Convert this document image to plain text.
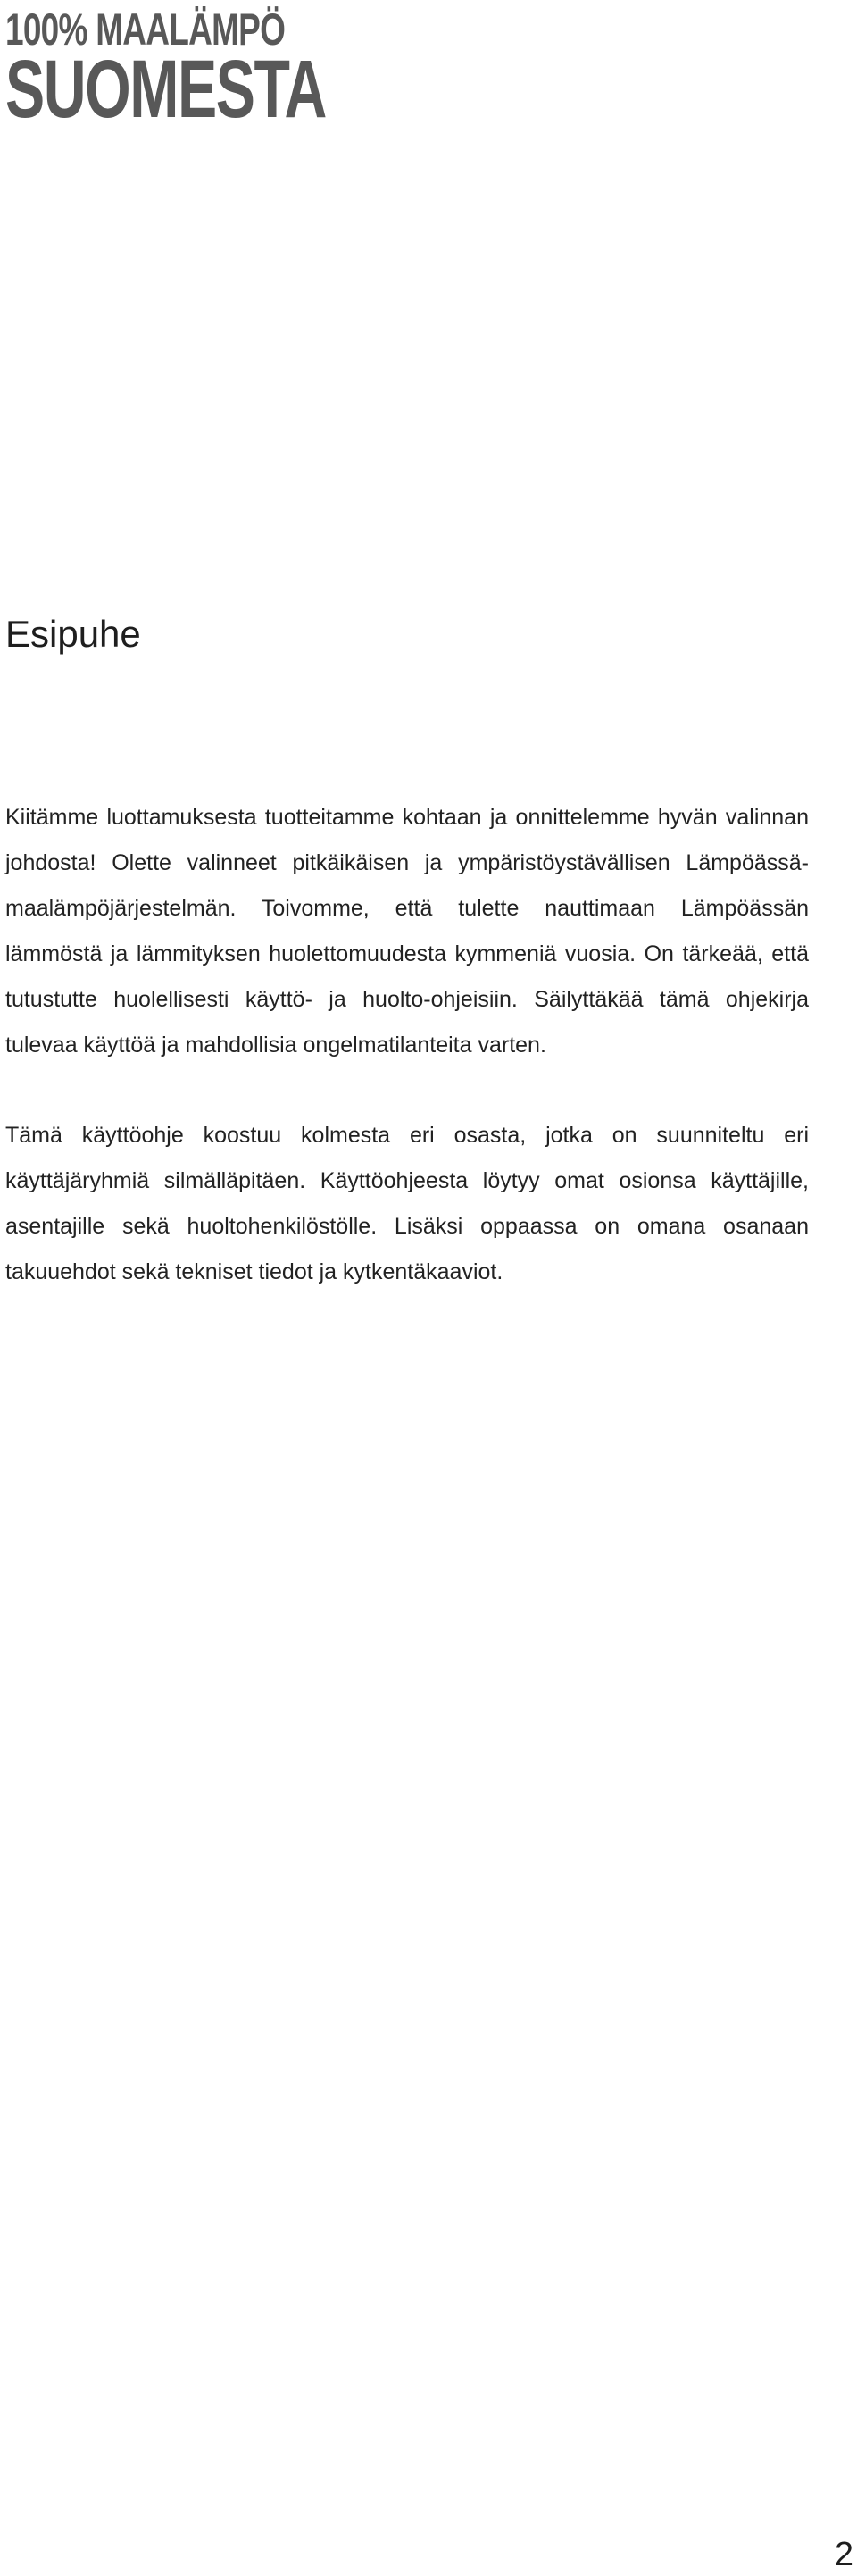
100% MAALÄMPÖ
SUOMESTA
Esipuhe

Kiitämme luottamuksesta tuotteitamme kohtaan ja onnittelemme hyvän valinnan johdosta! Olette valinneet pitkäikäisen ja ympäristöystävällisen Lämpöässä-maalämpöjärjestelmän. Toivomme, että tulette nauttimaan Lämpöässän lämmöstä ja lämmityksen huolettomuudesta kymmeniä vuosia. On tärkeää, että tutustutte huolellisesti käyttö- ja huolto-ohjeisiin. Säilyttäkää tämä ohjekirja tulevaa käyttöä ja mahdollisia ongelmatilanteita varten.

Tämä käyttöohje koostuu kolmesta eri osasta, jotka on suunniteltu eri käyttäjäryhmiä silmälläpitäen. Käyttöohjeesta löytyy omat osionsa käyttäjille, asentajille sekä huoltohenkilöstölle. Lisäksi oppaassa on omana osanaan takuuehdot sekä tekniset tiedot ja kytkentäkaaviot.

2
